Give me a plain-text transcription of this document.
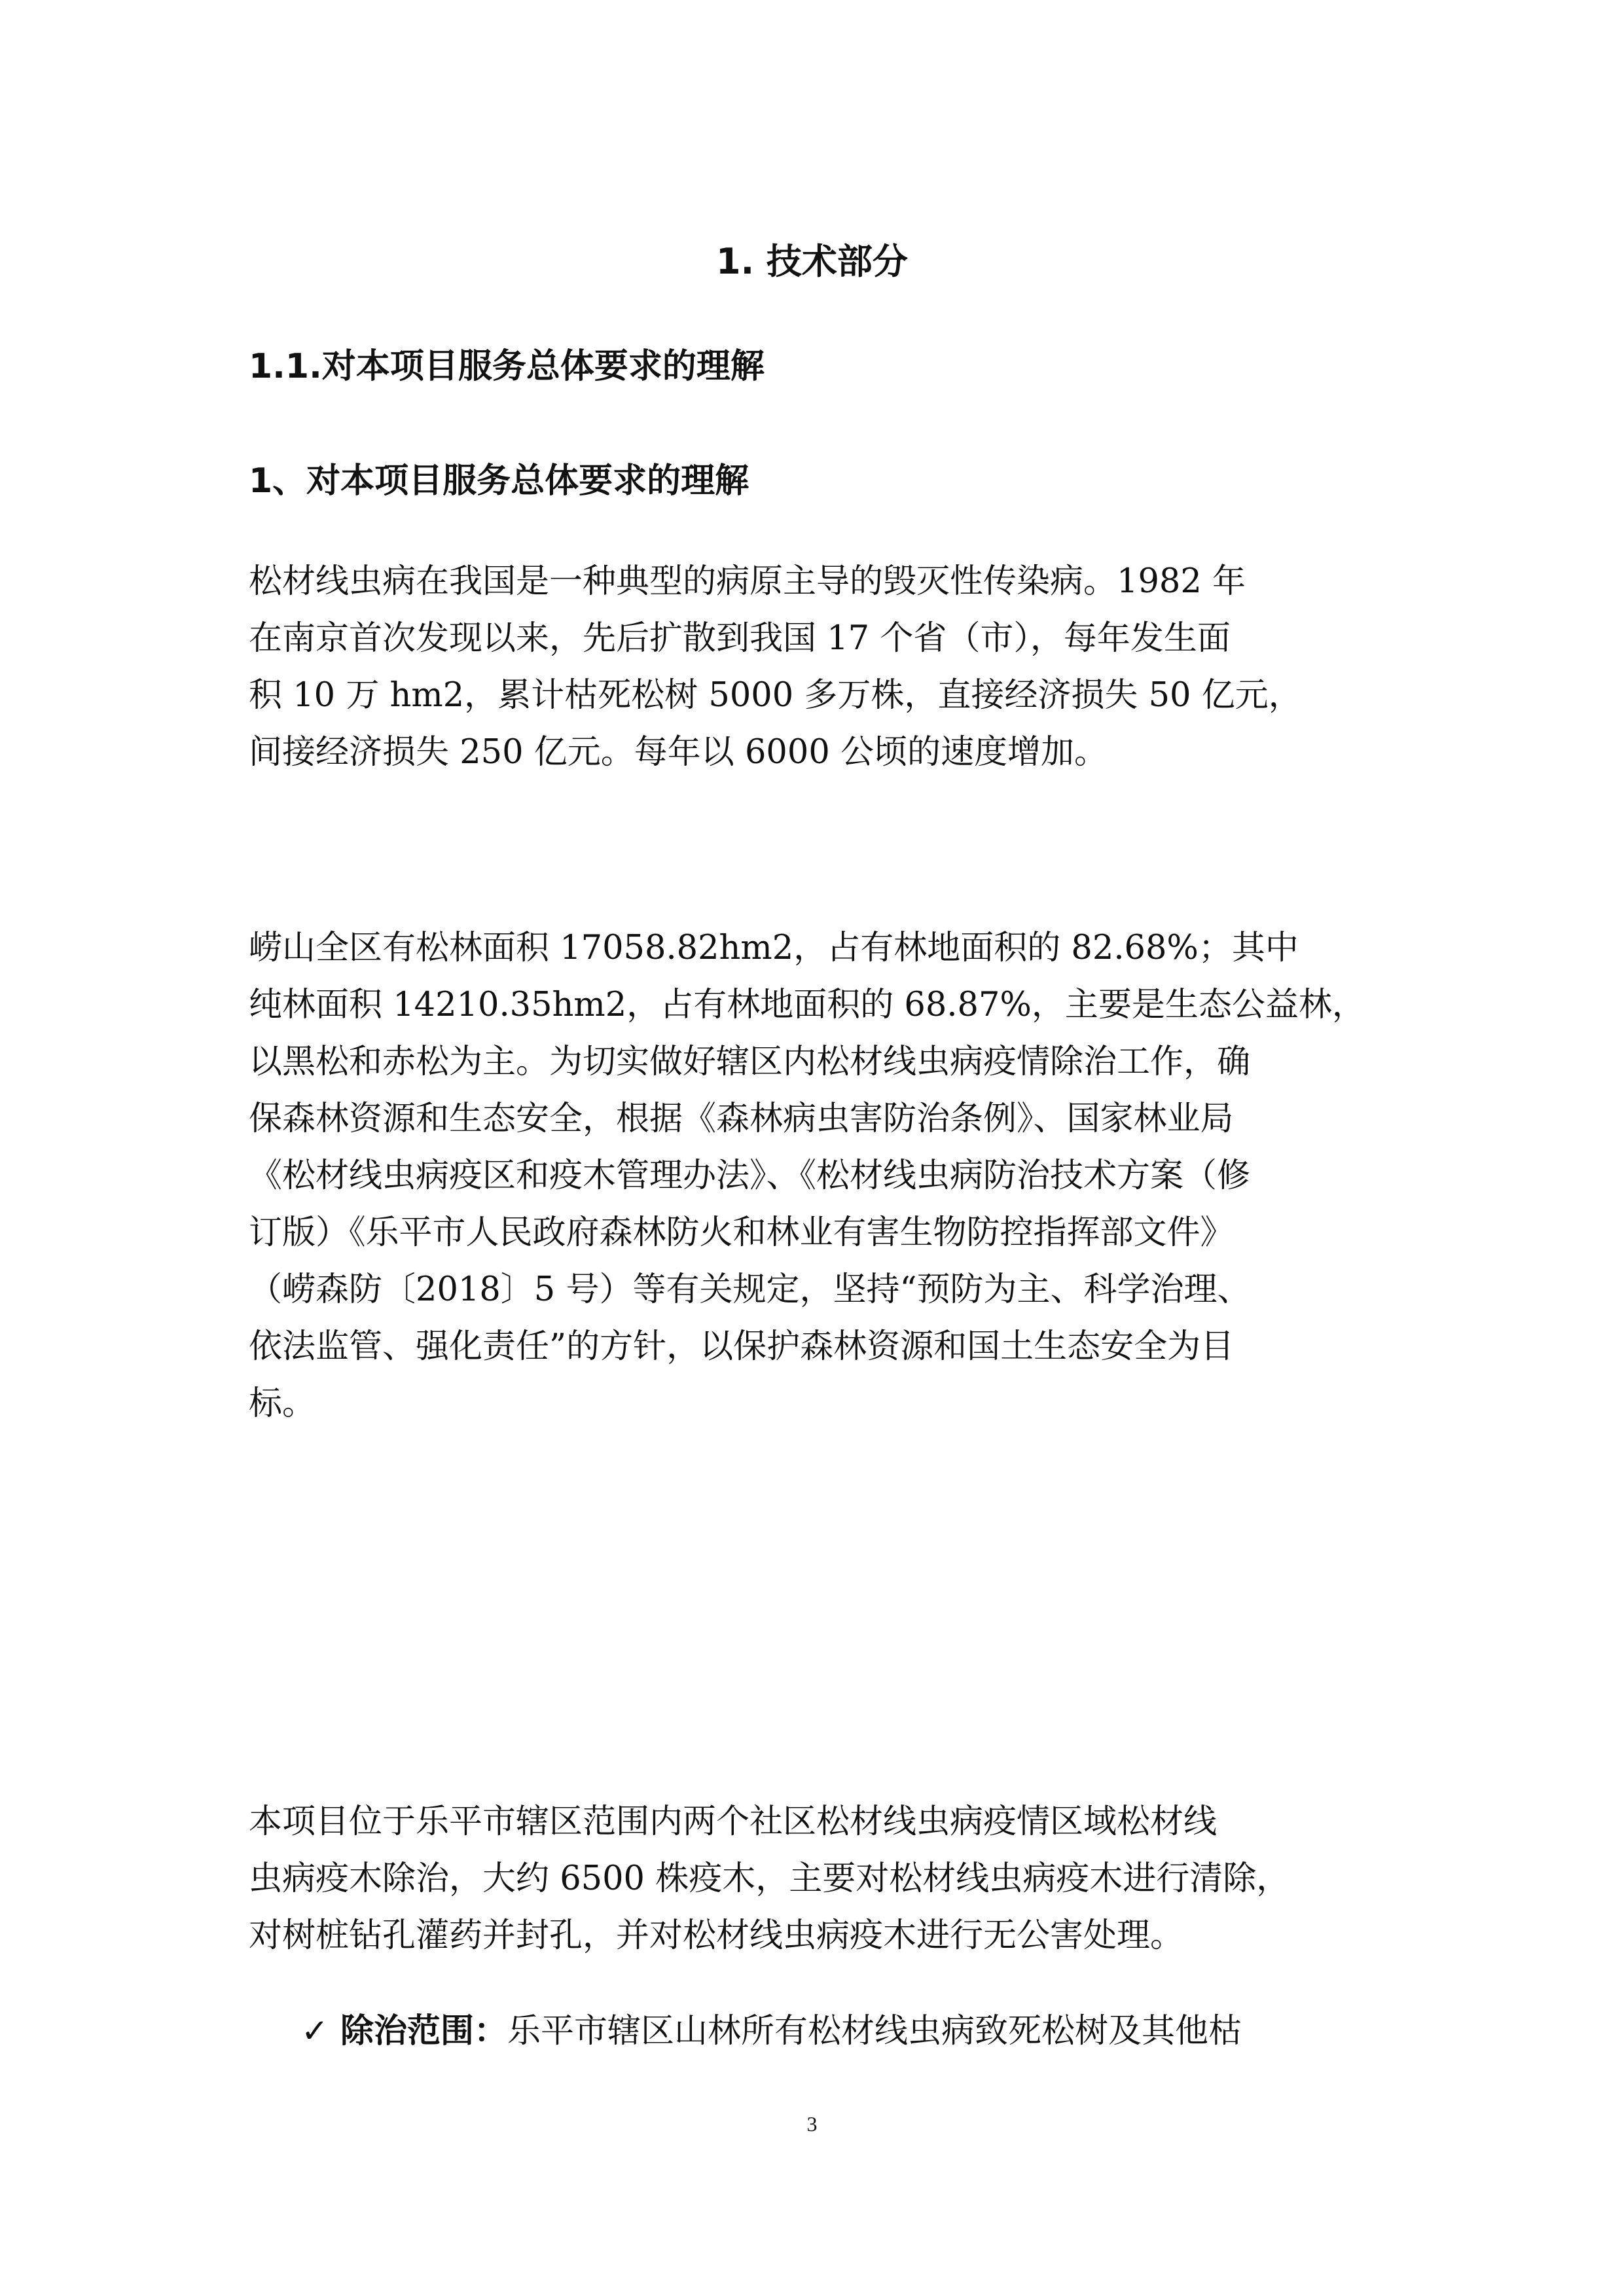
1. 技术部分
1.1.对本项目服务总体要求的理解
1、对本项目服务总体要求的理解
松材线虫病在我国是一种典型的病原主导的毁灭性传染病。1982 年
在南京首次发现以来，先后扩散到我国 17 个省（市），每年发生面
积 10 万 hm2，累计枯死松树 5000 多万株，直接经济损失 50 亿元，
间接经济损失 250 亿元。每年以 6000 公顷的速度增加。
崂山全区有松林面积 17058.82hm2，占有林地面积的 82.68%；其中
纯林面积 14210.35hm2，占有林地面积的 68.87%，主要是生态公益林，
以黑松和赤松为主。为切实做好辖区内松材线虫病疫情除治工作，确
保森林资源和生态安全，根据《森林病虫害防治条例》、国家林业局
《松材线虫病疫区和疫木管理办法》、《松材线虫病防治技术方案（修
订版）《乐平市人民政府森林防火和林业有害生物防控指挥部文件》
（崂森防〔2018〕5 号）等有关规定，坚持“预防为主、科学治理、
依法监管、强化责任”的方针，以保护森林资源和国土生态安全为目
标。
本项目位于乐平市辖区范围内两个社区松材线虫病疫情区域松材线
虫病疫木除治，大约 6500 株疫木，主要对松材线虫病疫木进行清除，
对树桩钻孔灌药并封孔，并对松材线虫病疫木进行无公害处理。
✓ 除治范围：乐平市辖区山林所有松材线虫病致死松树及其他枯
3
